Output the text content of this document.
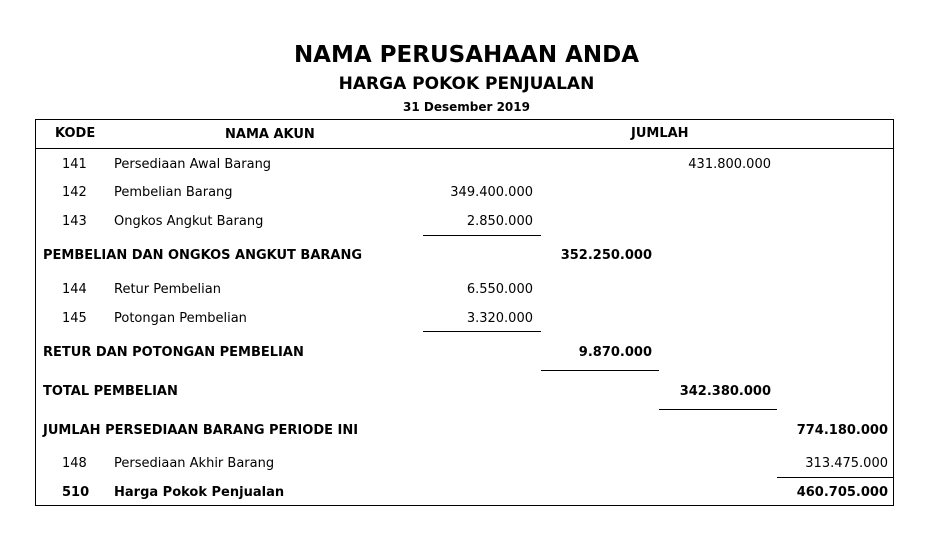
NAMA PERUSAHAAN ANDA
HARGA POKOK PENJUALAN
31 Desember 2019
KODE	NAMA AKUN	JUMLAH
141 Persediaan Awal Barang	431.800.000
142 Pembelian Barang	349.400.000
143 Ongkos Angkut Barang	2.850.000
PEMBELIAN DAN ONGKOS ANGKUT BARANG	352.250.000
144 Retur Pembelian	6.550.000
145 Potongan Pembelian	3.320.000
RETUR DAN POTONGAN PEMBELIAN	9.870.000
TOTAL PEMBELIAN	342.380.000
JUMLAH PERSEDIAAN BARANG PERIODE INI	774.180.000
148 Persediaan Akhir Barang	313.475.000
510 Harga Pokok Penjualan	460.705.000
